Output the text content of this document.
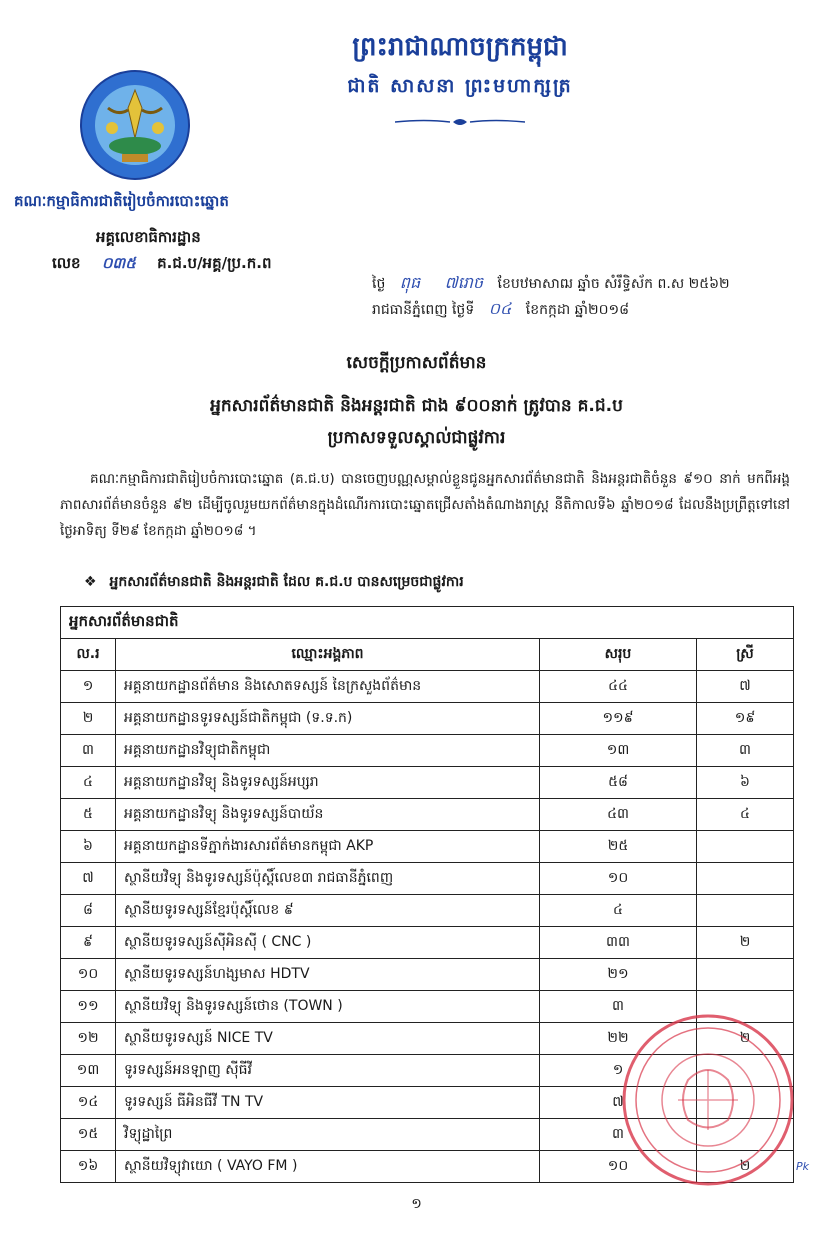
ព្រះរាជាណាចក្រកម្ពុជា
ជាតិ សាសនា ព្រះមហាក្សត្រ
គណៈកម្មាធិការជាតិរៀបចំការបោះឆ្នោត
អគ្គលេខាធិការដ្ឋាន
លេខ ០៣៥ គ.ជ.ប/អគ្គ/ប្រ.ក.ព
ថ្ងៃ ពុធ ៧រោច ខែបឋមាសាឍ ឆ្នាំច សំរឹទ្ធិស័ក ព.ស ២៥៦២
រាជធានីភ្នំពេញ ថ្ងៃទី ០៤ ខែកក្កដា ឆ្នាំ២០១៨
សេចក្តីប្រកាសព័ត៌មាន
អ្នកសារព័ត៌មានជាតិ និងអន្តរជាតិ ជាង ៩០០នាក់ ត្រូវបាន គ.ជ.ប
ប្រកាសទទួលស្គាល់ជាផ្លូវការ
គណៈកម្មាធិការជាតិរៀបចំការបោះឆ្នោត (គ.ជ.ប) បានចេញបណ្ណសម្គាល់ខ្លួនជូនអ្នកសារព័ត៌មានជាតិ និងអន្តរជាតិចំនួន ៩១០ នាក់ មកពីអង្គភាពសារព័ត៌មានចំនួន ៩២ ដើម្បីចូលរួមយកព័ត៌មានក្នុងដំណើរការបោះឆ្នោតជ្រើសតាំងតំណាងរាស្ត្រ នីតិកាលទី៦ ឆ្នាំ២០១៨ ដែលនឹងប្រព្រឹត្តទៅនៅថ្ងៃអាទិត្យ ទី២៩ ខែកក្កដា ឆ្នាំ២០១៨ ។
❖ អ្នកសារព័ត៌មានជាតិ និងអន្តរជាតិ ដែល គ.ជ.ប បានសម្រេចជាផ្លូវការ
អ្នកសារព័ត៌មានជាតិ			
ល.រ	ឈ្មោះអង្គភាព	សរុប	ស្រី
១	អគ្គនាយកដ្ឋានព័ត៌មាន និងសោតទស្សន៍ នៃក្រសួងព័ត៌មាន	៤៤	៧
២	អគ្គនាយកដ្ឋានទូរទស្សន៍ជាតិកម្ពុជា (ទ.ទ.ក)	១១៩	១៩
៣	អគ្គនាយកដ្ឋានវិទ្យុជាតិកម្ពុជា	១៣	៣
៤	អគ្គនាយកដ្ឋានវិទ្យុ និងទូរទស្សន៍អប្សរា	៥៨	៦
៥	អគ្គនាយកដ្ឋានវិទ្យុ និងទូរទស្សន៍បាយ័ន	៤៣	៤
៦	អគ្គនាយកដ្ឋានទីភ្នាក់ងារសារព័ត៌មានកម្ពុជា AKP	២៥	
៧	ស្ថានីយវិទ្យុ និងទូរទស្សន៍ប៉ុស្តិ៍លេខ៣ រាជធានីភ្នំពេញ	១០	
៨	ស្ថានីយទូរទស្សន៍ខ្មែរប៉ុស្តិ៍លេខ ៩	៤	
៩	ស្ថានីយទូរទស្សន៍ស៊ីអិនស៊ី ( CNC )	៣៣	២
១០	ស្ថានីយទូរទស្សន៍ហង្សមាស HDTV	២១	
១១	ស្ថានីយវិទ្យុ និងទូរទស្សន៍ថោន (TOWN )	៣	
១២	ស្ថានីយទូរទស្សន៍ NICE TV	២២	២
១៣	ទូរទស្សន៍អនឡាញ ស៊ីធីវី	១	
១៤	ទូរទស្សន៍ ធីអិនធីវី TN TV	៧	
១៥	វិទ្យុដ្ឋាព្រៃ	៣	
១៦	ស្ថានីយវិទ្យុវាយោ ( VAYO FM )	១០	២	Pk
១
